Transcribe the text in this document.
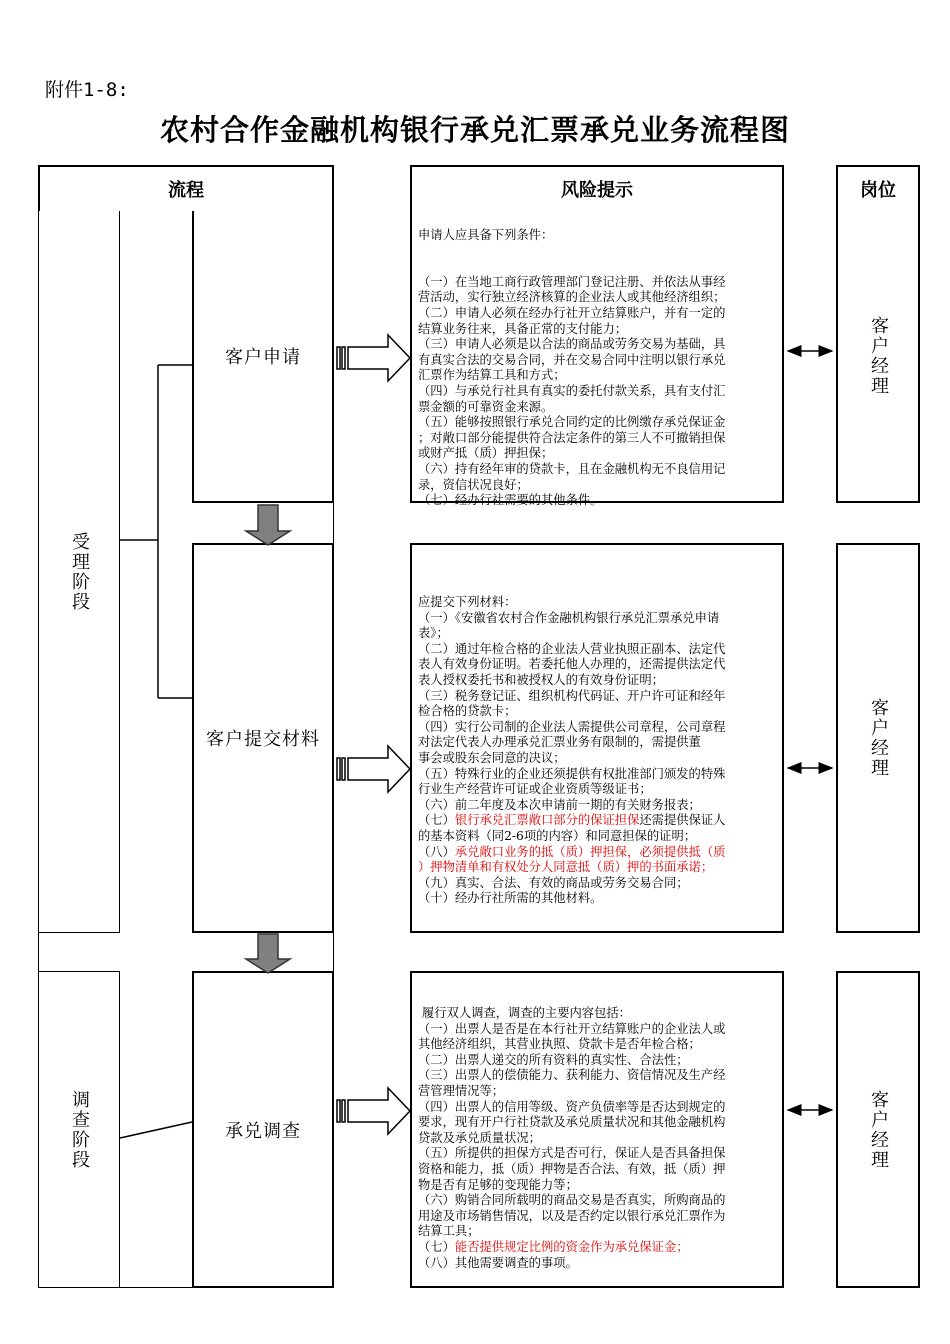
附件1-8:
农村合作金融机构银行承兑汇票承兑业务流程图
流程	风险提示	岗位
受理阶段
调查阶段
客户申请
客户提交材料
承兑调查
申请人应具备下列条件：

（一）在当地工商行政管理部门登记注册、并依法从事经
营活动，实行独立经济核算的企业法人或其他经济组织；
（二）申请人必须在经办行社开立结算账户，并有一定的
结算业务往来，具备正常的支付能力；
（三）申请人必须是以合法的商品或劳务交易为基础，具
有真实合法的交易合同，并在交易合同中注明以银行承兑
汇票作为结算工具和方式；
（四）与承兑行社具有真实的委托付款关系，具有支付汇
票金额的可靠资金来源。
（五）能够按照银行承兑合同约定的比例缴存承兑保证金
；对敞口部分能提供符合法定条件的第三人不可撤销担保
或财产抵（质）押担保；
（六）持有经年审的贷款卡，且在金融机构无不良信用记
录，资信状况良好；
（七）经办行社需要的其他条件。
应提交下列材料：
（一）《安徽省农村合作金融机构银行承兑汇票承兑申请
表》；
（二）通过年检合格的企业法人营业执照正副本、法定代
表人有效身份证明。若委托他人办理的，还需提供法定代
表人授权委托书和被授权人的有效身份证明；
（三）税务登记证、组织机构代码证、开户许可证和经年
检合格的贷款卡；
（四）实行公司制的企业法人需提供公司章程，公司章程
对法定代表人办理承兑汇票业务有限制的，需提供董
事会或股东会同意的决议；
（五）特殊行业的企业还须提供有权批准部门颁发的特殊
行业生产经营许可证或企业资质等级证书；
（六）前二年度及本次申请前一期的有关财务报表；
（七）银行承兑汇票敞口部分的保证担保还需提供保证人
的基本资料（同2-6项的内容）和同意担保的证明；
（八）承兑敞口业务的抵（质）押担保，必须提供抵（质
）押物清单和有权处分人同意抵（质）押的书面承诺；
（九）真实、合法、有效的商品或劳务交易合同；
（十）经办行社所需的其他材料。
履行双人调查，调查的主要内容包括：
（一）出票人是否是在本行社开立结算账户的企业法人或
其他经济组织，其营业执照、贷款卡是否年检合格；
（二）出票人递交的所有资料的真实性、合法性；
（三）出票人的偿债能力、获利能力、资信情况及生产经
营管理情况等；
（四）出票人的信用等级、资产负债率等是否达到规定的
要求，现有开户行社贷款及承兑质量状况和其他金融机构
贷款及承兑质量状况；
（五）所提供的担保方式是否可行，保证人是否具备担保
资格和能力，抵（质）押物是否合法、有效，抵（质）押
物是否有足够的变现能力等；
（六）购销合同所载明的商品交易是否真实，所购商品的
用途及市场销售情况，以及是否约定以银行承兑汇票作为
结算工具；
（七）能否提供规定比例的资金作为承兑保证金；
（八）其他需要调查的事项。
客户经理
客户经理
客户经理
